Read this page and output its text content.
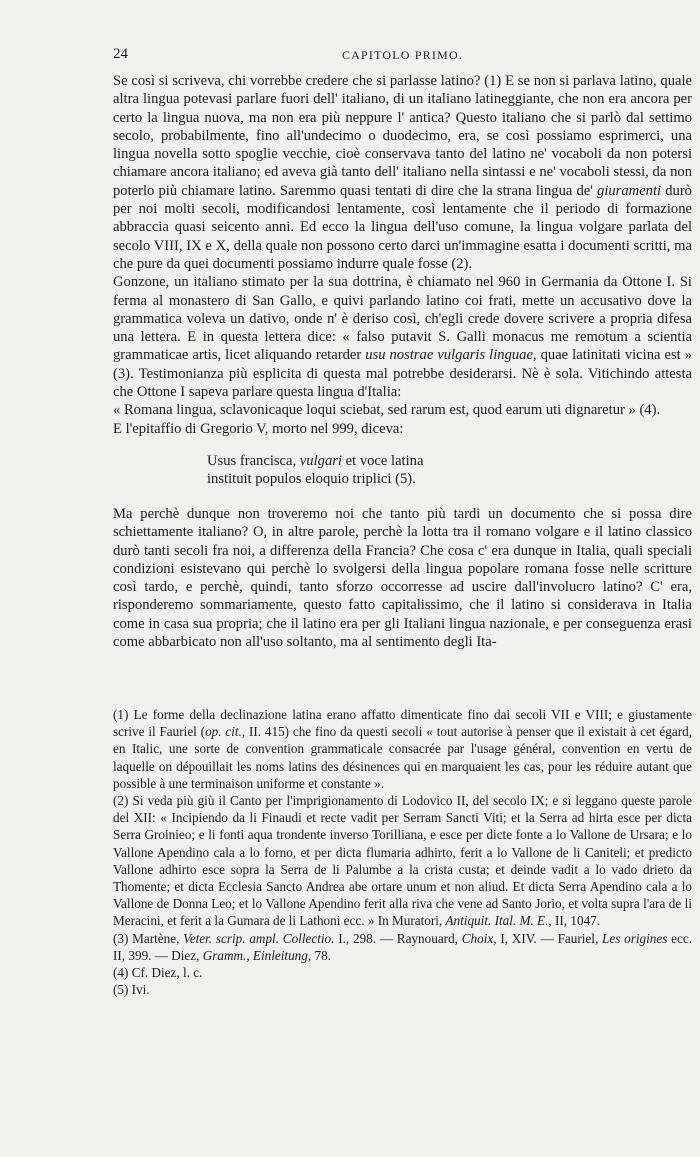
24	CAPITOLO PRIMO.

Se così si scriveva, chi vorrebbe credere che si parlasse latino? (1) E se non si parlava latino, quale altra lingua potevasi parlare fuori dell' italiano, di un italiano latineggiante, che non era ancora per certo la lingua nuova, ma non era più neppure l' antica? Questo italiano che si parlò dal settimo secolo, probabilmente, fino all'undecimo o duodecimo, era, se così possiamo esprimerci, una lingua novella sotto spoglie vecchie, cioè conservava tanto del latino ne' vocaboli da non potersi chiamare ancora italiano; ed aveva già tanto dell' italiano nella sintassi e ne' vocaboli stessi, da non poterlo più chiamare latino. Saremmo quasi tentati di dire che la strana lingua de' giuramenti durò per noi molti secoli, modificandosi lentamente, così lentamente che il periodo di formazione abbraccia quasi seicento anni. Ed ecco la lingua dell'uso comune, la lingua volgare parlata del secolo VIII, IX e X, della quale non possono certo darci un'immagine esatta i documenti scritti, ma che pure da quei documenti possiamo indurre quale fosse (2).

Gonzone, un italiano stimato per la sua dottrina, è chiamato nel 960 in Germania da Ottone I. Si ferma al monastero di San Gallo, e quivi parlando latino coi frati, mette un accusativo dove la grammatica voleva un dativo, onde n' è deriso così, ch'egli crede dovere scrivere a propria difesa una lettera. E in questa lettera dice: « falso putavit S. Galli monacus me remotum a scientia grammaticae artis, licet aliquando retarder usu nostrae vulgaris linguae, quae latinitati vicina est » (3). Testimonianza più esplicita di questa mal potrebbe desiderarsi. Nè è sola. Vitichindo attesta che Ottone I sapeva parlare questa lingua d'Italia:

« Romana lingua, sclavonicaque loqui sciebat, sed rarum est, quod earum uti dignaretur » (4).

E l'epitaffio di Gregorio V, morto nel 999, diceva:

Usus francisca, vulgari et voce latina
instituit populos eloquio triplici (5).

Ma perchè dunque non troveremo noi che tanto più tardi un documento che si possa dire schiettamente italiano? O, in altre parole, perchè la lotta tra il romano volgare e il latino classico durò tanti secoli fra noi, a differenza della Francia? Che cosa c' era dunque in Italia, quali speciali condizioni esistevano qui perchè lo svolgersi della lingua popolare romana fosse nelle scritture così tardo, e perchè, quindi, tanto sforzo occorresse ad uscire dall'involucro latino? C' era, risponderemo sommariamente, questo fatto capitalissimo, che il latino si considerava in Italia come in casa sua propria; che il latino era per gli Italiani lingua nazionale, e per conseguenza erasi come abbarbicato non all'uso soltanto, ma al sentimento degli Ita-

(1) Le forme della declinazione latina erano affatto dimenticate fino dai secoli VII e VIII; e giustamente scrive il Fauriel (op. cit., II. 415) che fino da questi secoli « tout autorise à penser que il existait à cet égard, en Italic, une sorte de convention grammaticale consacrée par l'usage général, convention en vertu de laquelle on dépouillait les noms latins des désinences qui en marquaient les cas, pour les réduire autant que possible à une terminaison uniforme et constante ».

(2) Si veda più giù il Canto per l'imprigionamento di Lodovico II, del secolo IX; e si leggano queste parole del XII: « Incipiendo da li Finaudi et recte vadit per Serram Sancti Viti; et la Serra ad hirta esce per dicta Serra Groinieo; e li fonti aqua trondente inverso Torilliana, e esce per dicte fonte a lo Vallone de Ursara; e lo Vallone Apendino cala a lo forno, et per dicta flumaria adhirto, ferit a lo Vallone de li Caniteli; et predicto Vallone adhirto esce sopra la Serra de li Palumbe a la crista custa; et deinde vadit a lo vado drieto da Thomente; et dicta Ecclesia Sancto Andrea abe ortare unum et non aliud. Et dicta Serra Apendino cala a lo Vallone de Donna Leo; et lo Vallone Apendino ferit alla riva che vene ad Santo Jorio, et volta supra l'ara de li Meracini, et ferit a la Gumara de li Lathoni ecc. » In Muratori, Antiquit. Ital. M. E., II, 1047.

(3) Martène, Veter. scrip. ampl. Collectio. I., 298. — Raynouard, Choix, I, XIV. — Fauriel, Les origines ecc. II, 399. — Diez, Gramm., Einleitung, 78.

(4) Cf. Diez, l. c.

(5) Ivi.
